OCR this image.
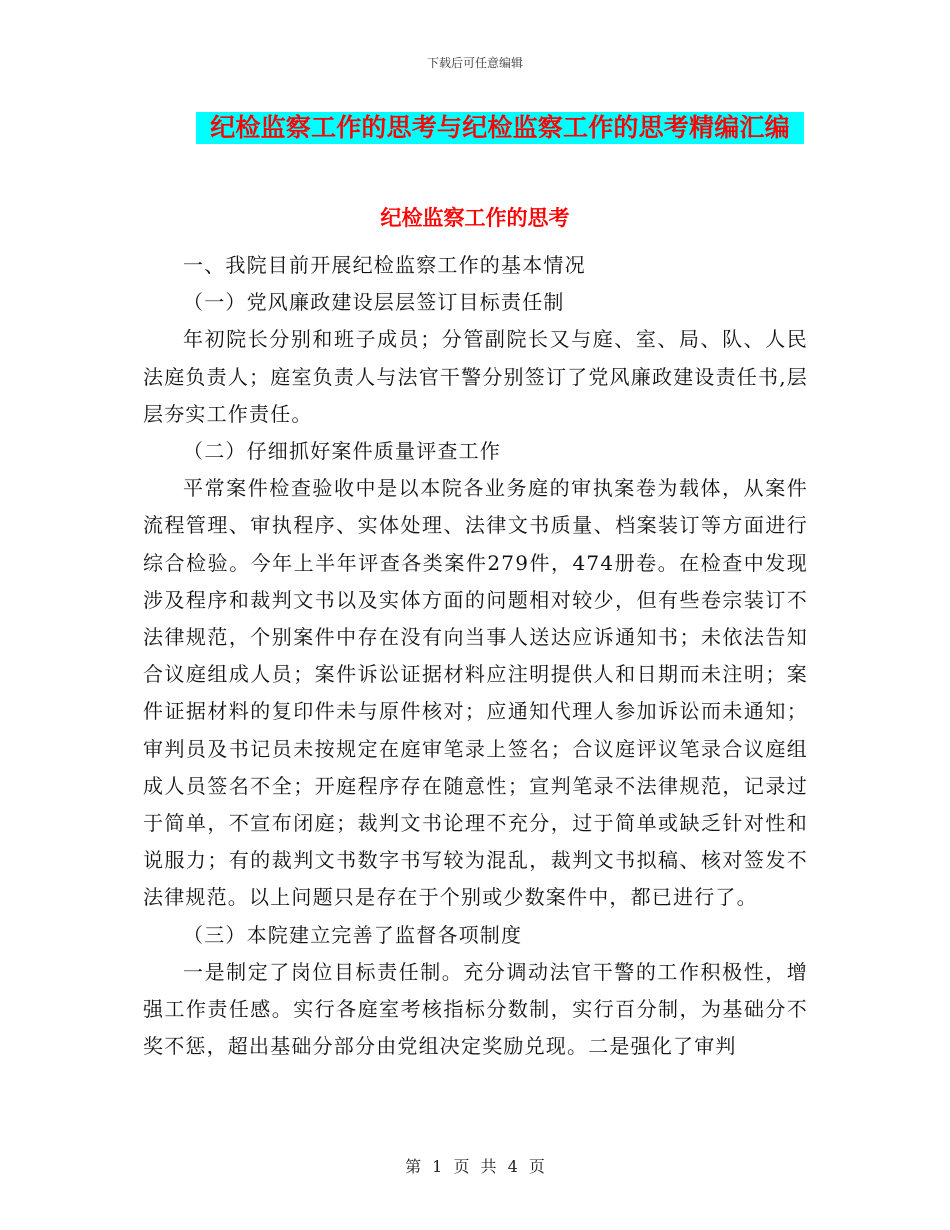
下载后可任意编辑
纪检监察工作的思考与纪检监察工作的思考精编汇编
纪检监察工作的思考

一、我院目前开展纪检监察工作的基本情况

（一）党风廉政建设层层签订目标责任制

年初院长分别和班子成员；分管副院长又与庭、室、局、队、人民法庭负责人；庭室负责人与法官干警分别签订了党风廉政建设责任书,层层夯实工作责任。

（二）仔细抓好案件质量评查工作

平常案件检查验收中是以本院各业务庭的审执案卷为载体，从案件流程管理、审执程序、实体处理、法律文书质量、档案装订等方面进行综合检验。今年上半年评查各类案件279件，474册卷。在检查中发现涉及程序和裁判文书以及实体方面的问题相对较少，但有些卷宗装订不法律规范，个别案件中存在没有向当事人送达应诉通知书；未依法告知合议庭组成人员；案件诉讼证据材料应注明提供人和日期而未注明；案件证据材料的复印件未与原件核对；应通知代理人参加诉讼而未通知；审判员及书记员未按规定在庭审笔录上签名；合议庭评议笔录合议庭组成人员签名不全；开庭程序存在随意性；宣判笔录不法律规范，记录过于简单，不宣布闭庭；裁判文书论理不充分，过于简单或缺乏针对性和说服力；有的裁判文书数字书写较为混乱，裁判文书拟稿、核对签发不法律规范。以上问题只是存在于个别或少数案件中，都已进行了。

（三）本院建立完善了监督各项制度

一是制定了岗位目标责任制。充分调动法官干警的工作积极性，增强工作责任感。实行各庭室考核指标分数制，实行百分制，为基础分不奖不惩，超出基础分部分由党组决定奖励兑现。二是强化了审判

第 1 页 共 4 页
